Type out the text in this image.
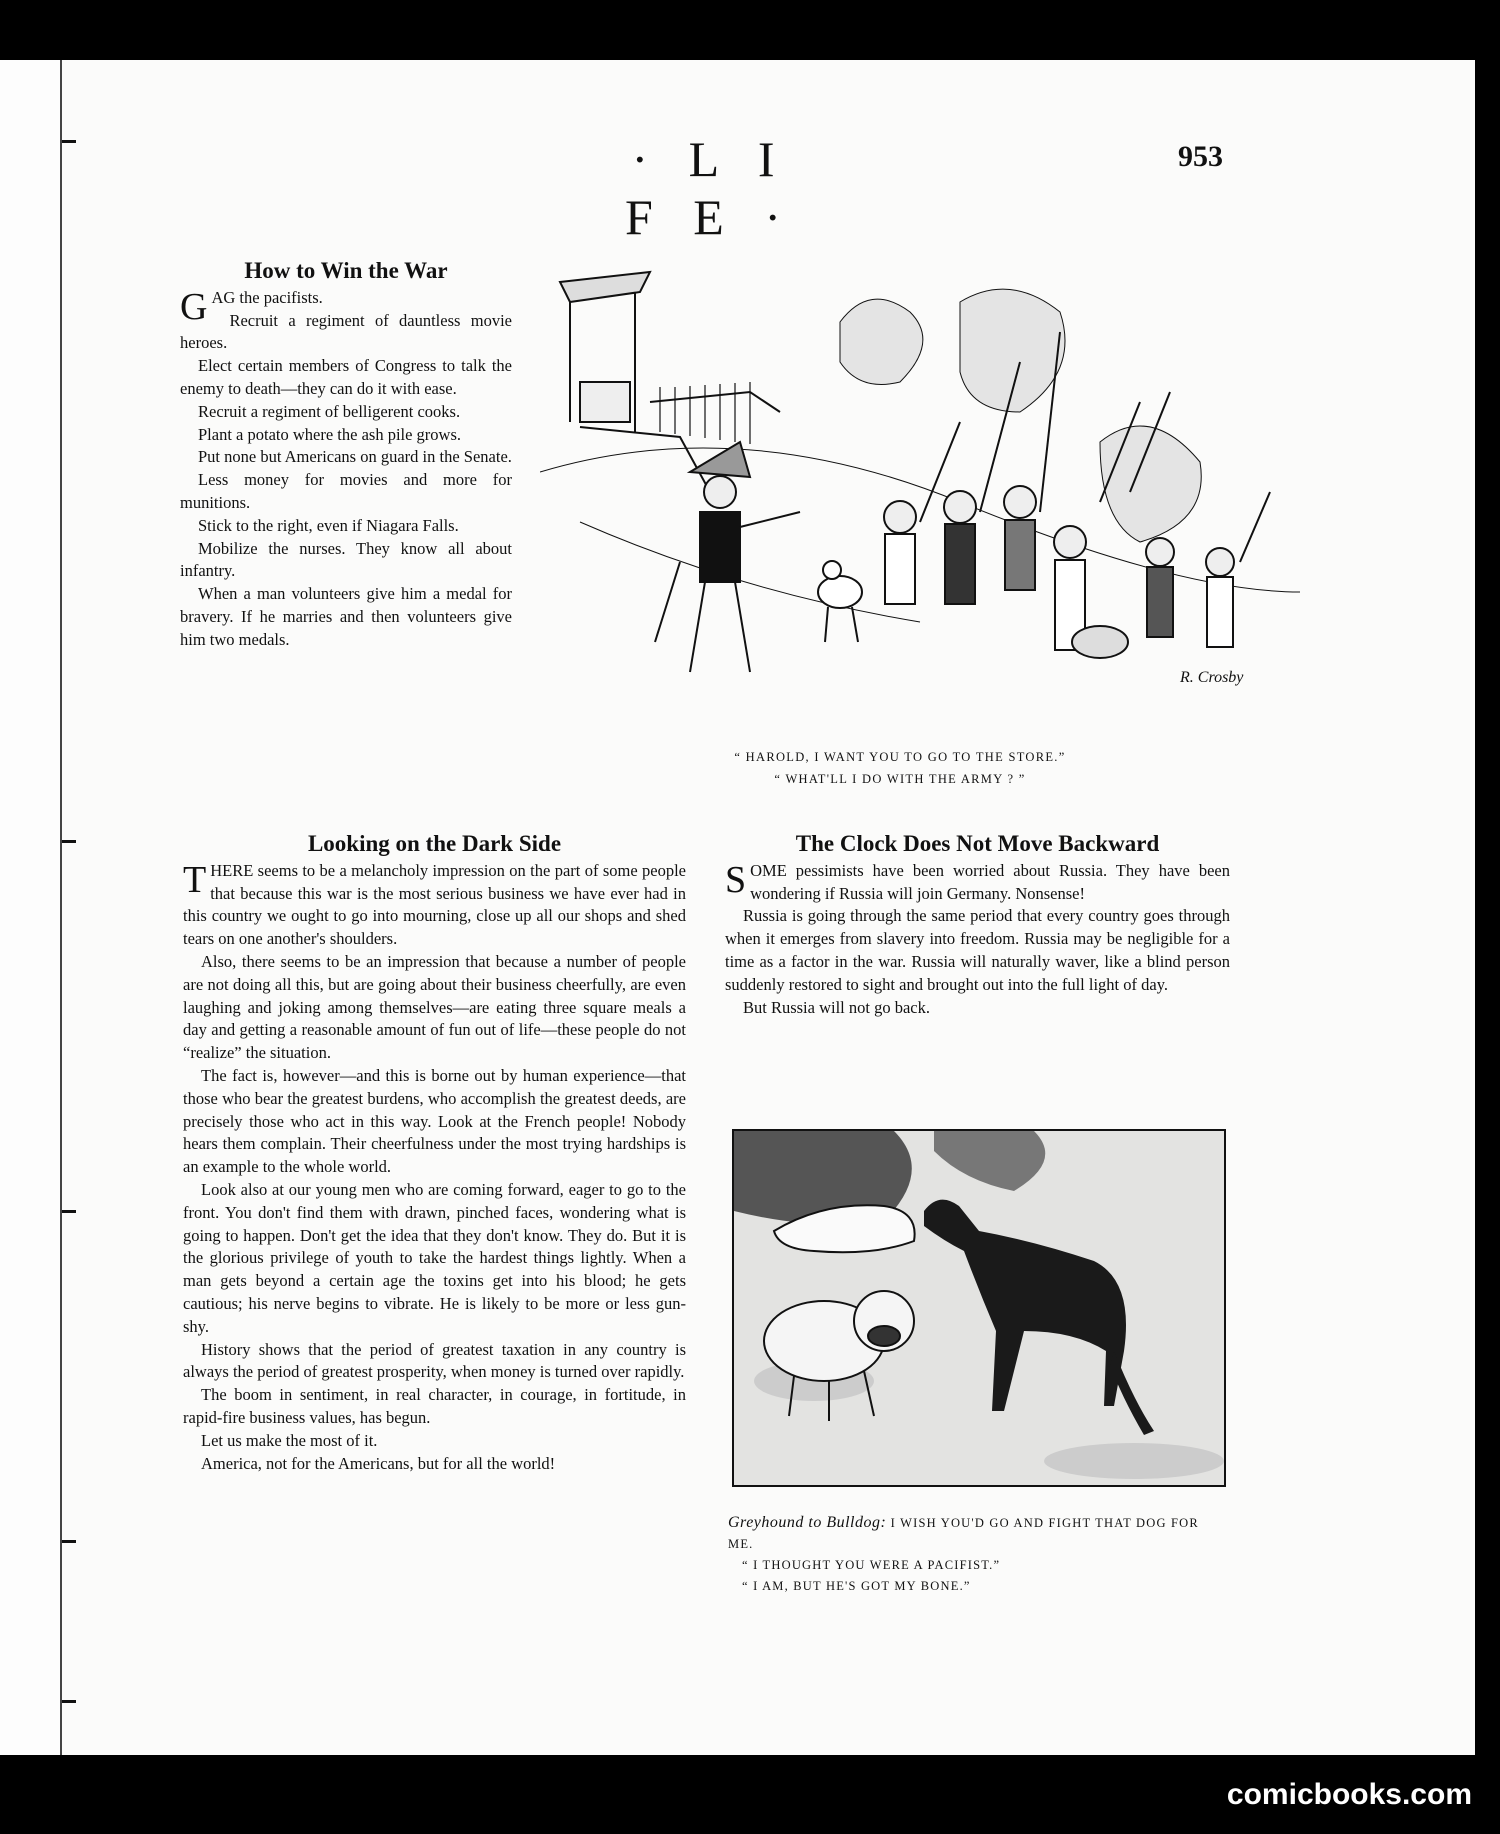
· L I F E ·
953
How to Win the War

GAG the pacifists.

Recruit a regiment of dauntless movie heroes.

Elect certain members of Congress to talk the enemy to death—they can do it with ease.

Recruit a regiment of belligerent cooks.

Plant a potato where the ash pile grows.

Put none but Americans on guard in the Senate.

Less money for movies and more for munitions.

Stick to the right, even if Niagara Falls.

Mobilize the nurses. They know all about infantry.

When a man volunteers give him a medal for bravery. If he marries and then volunteers give him two medals.

R. Crosby
“ HAROLD, I WANT YOU TO GO TO THE STORE.”
“ WHAT'LL I DO WITH THE ARMY ? ”
Looking on the Dark Side

THERE seems to be a melancholy impression on the part of some people that because this war is the most serious business we have ever had in this country we ought to go into mourning, close up all our shops and shed tears on one another's shoulders.

Also, there seems to be an impression that because a number of people are not doing all this, but are going about their business cheerfully, are even laughing and joking among themselves—are eating three square meals a day and getting a reasonable amount of fun out of life—these people do not “realize” the situation.

The fact is, however—and this is borne out by human experience—that those who bear the greatest burdens, who accomplish the greatest deeds, are precisely those who act in this way. Look at the French people! Nobody hears them complain. Their cheerfulness under the most trying hardships is an example to the whole world.

Look also at our young men who are coming forward, eager to go to the front. You don't find them with drawn, pinched faces, wondering what is going to happen. Don't get the idea that they don't know. They do. But it is the glorious privilege of youth to take the hardest things lightly. When a man gets beyond a certain age the toxins get into his blood; he gets cautious; his nerve begins to vibrate. He is likely to be more or less gun-shy.

History shows that the period of greatest taxation in any country is always the period of greatest prosperity, when money is turned over rapidly.

The boom in sentiment, in real character, in courage, in fortitude, in rapid-fire business values, has begun.

Let us make the most of it.

America, not for the Americans, but for all the world!

The Clock Does Not Move Backward

SOME pessimists have been worried about Russia. They have been wondering if Russia will join Germany. Nonsense!

Russia is going through the same period that every country goes through when it emerges from slavery into freedom. Russia may be negligible for a time as a factor in the war. Russia will naturally waver, like a blind person suddenly restored to sight and brought out into the full light of day.

But Russia will not go back.

Greyhound to Bulldog: I WISH YOU'D GO AND FIGHT THAT DOG FOR ME.
“ I THOUGHT YOU WERE A PACIFIST.”
“ I AM, BUT HE'S GOT MY BONE.”
comicbooks.com
